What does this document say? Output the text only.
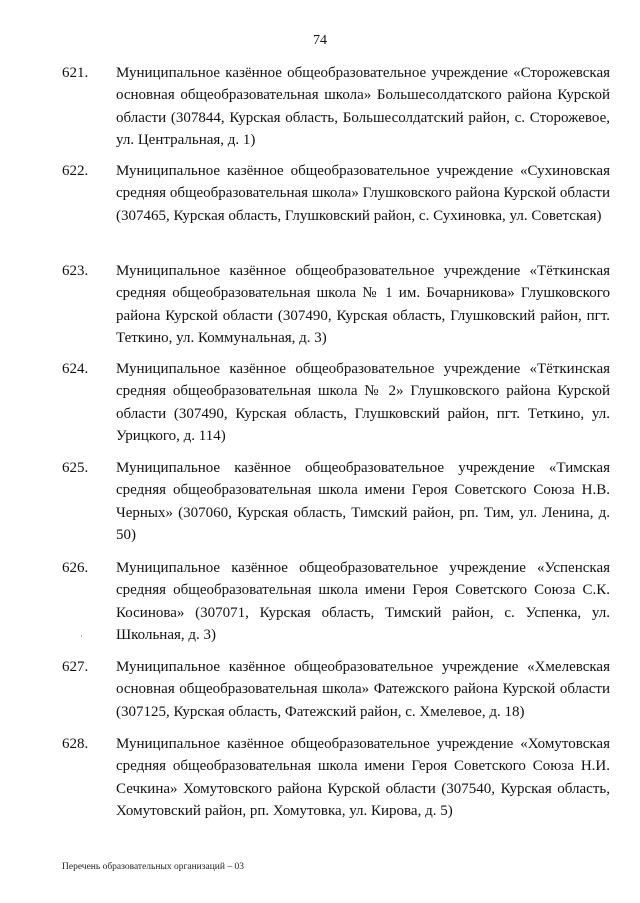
74
621.	Муниципальное казённое общеобразовательное учреждение «Сторожевская основная общеобразовательная школа» Большесолдатского района Курской области (307844, Курская область, Большесолдатский район, с. Сторожевое, ул. Центральная, д. 1)
622.	Муниципальное казённое общеобразовательное учреждение «Сухиновская средняя общеобразовательная школа» Глушковского района Курской области (307465, Курская область, Глушковский район, с. Сухиновка, ул. Советская)
623.	Муниципальное казённое общеобразовательное учреждение «Тёткинская средняя общеобразовательная школа № 1 им. Бочарникова» Глушковского района Курской области (307490, Курская область, Глушковский район, пгт. Теткино, ул. Коммунальная, д. 3)
624.	Муниципальное казённое общеобразовательное учреждение «Тёткинская средняя общеобразовательная школа № 2» Глушковского района Курской области (307490, Курская область, Глушковский район, пгт. Теткино, ул. Урицкого, д. 114)
625.	Муниципальное казённое общеобразовательное учреждение «Тимская средняя общеобразовательная школа имени Героя Советского Союза Н.В. Черных» (307060, Курская область, Тимский район, рп. Тим, ул. Ленина, д. 50)
626.	Муниципальное казённое общеобразовательное учреждение «Успенская средняя общеобразовательная школа имени Героя Советского Союза С.К. Косинова» (307071, Курская область, Тимский район, с. Успенка, ул. Школьная, д. 3)
·
627.	Муниципальное казённое общеобразовательное учреждение «Хмелевская основная общеобразовательная школа» Фатежского района Курской области (307125, Курская область, Фатежский район, с. Хмелевое, д. 18)
628.	Муниципальное казённое общеобразовательное учреждение «Хомутовская средняя общеобразовательная школа имени Героя Советского Союза Н.И. Сечкина» Хомутовского района Курской области (307540, Курская область, Хомутовский район, рп. Хомутовка, ул. Кирова, д. 5)
Перечень образовательных организаций – 03
